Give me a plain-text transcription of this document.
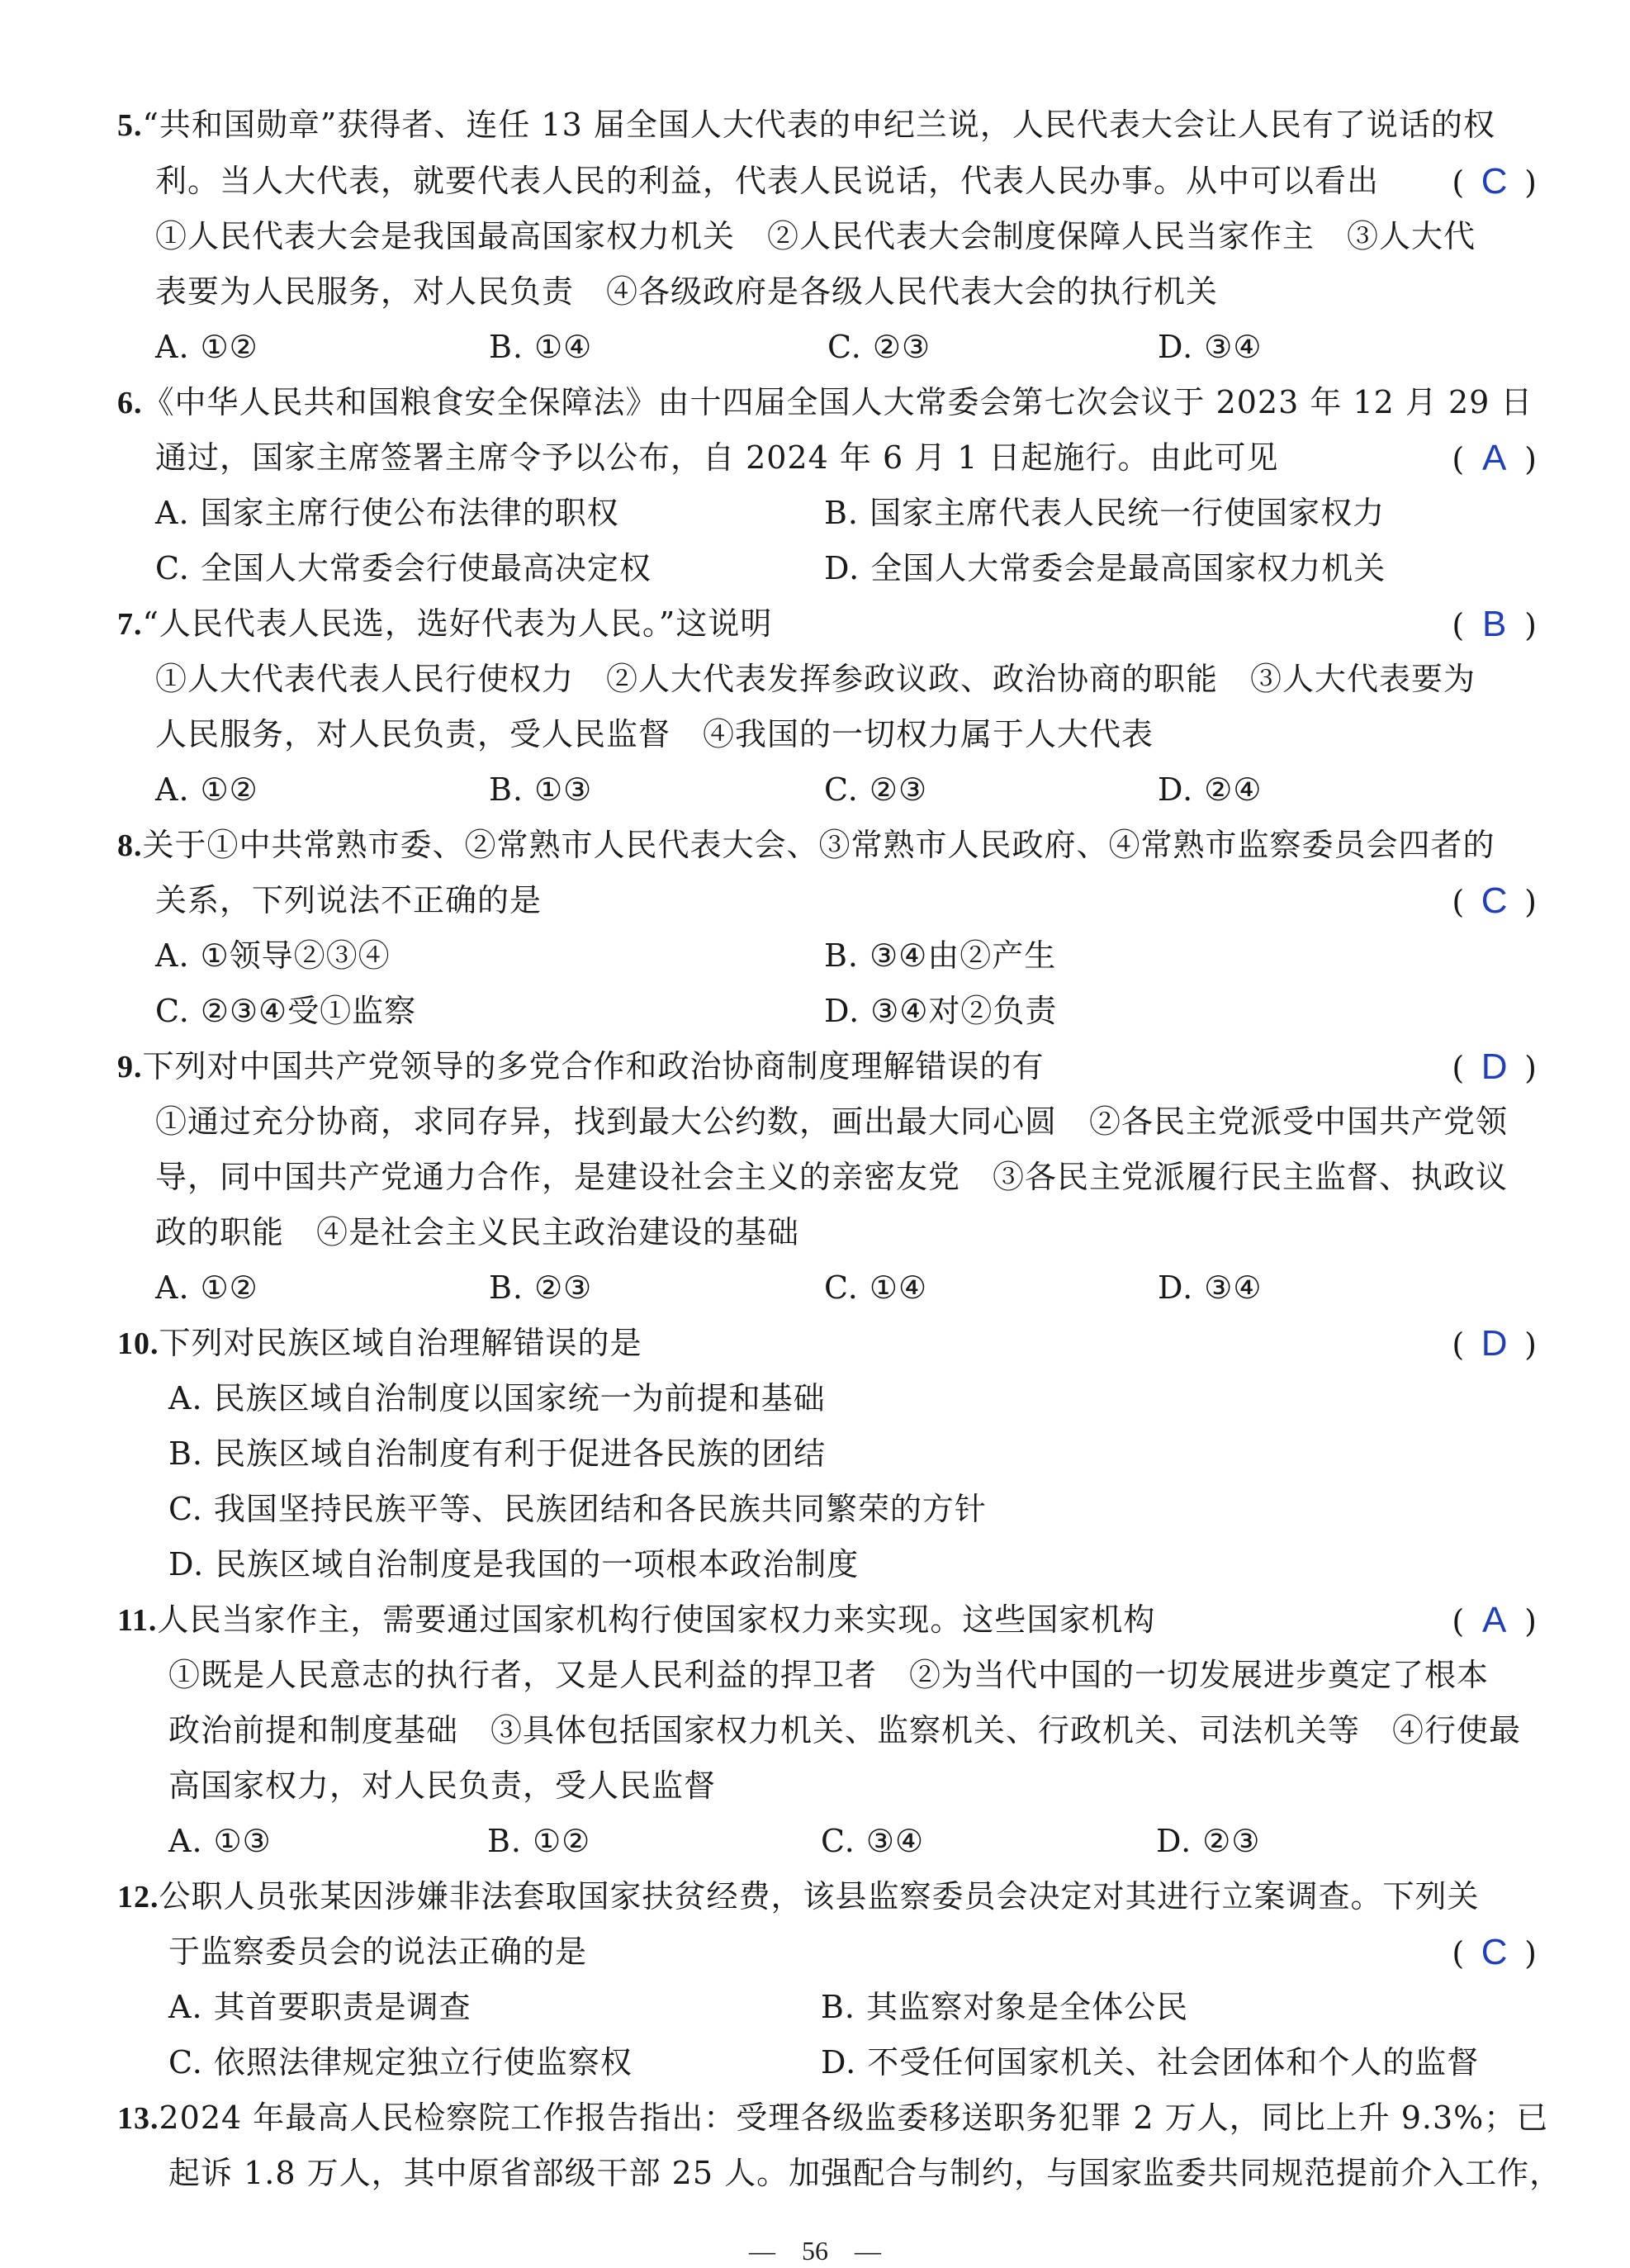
5.“共和国勋章”获得者、连任 13 届全国人大代表的申纪兰说，人民代表大会让人民有了说话的权
利。当人大代表，就要代表人民的利益，代表人民说话，代表人民办事。从中可以看出 ( C )
①人民代表大会是我国最高国家权力机关　②人民代表大会制度保障人民当家作主　③人大代
表要为人民服务，对人民负责　④各级政府是各级人民代表大会的执行机关
A. ①②	B. ①④	C. ②③	D. ③④
6.《中华人民共和国粮食安全保障法》由十四届全国人大常委会第七次会议于 2023 年 12 月 29 日
通过，国家主席签署主席令予以公布，自 2024 年 6 月 1 日起施行。由此可见	( A )
A. 国家主席行使公布法律的职权	B. 国家主席代表人民统一行使国家权力
C. 全国人大常委会行使最高决定权	D. 全国人大常委会是最高国家权力机关
7.“人民代表人民选，选好代表为人民。”这说明	( B )
①人大代表代表人民行使权力　②人大代表发挥参政议政、政治协商的职能　③人大代表要为
人民服务，对人民负责，受人民监督　④我国的一切权力属于人大代表
A. ①②	B. ①③	C. ②③	D. ②④
8.关于①中共常熟市委、②常熟市人民代表大会、③常熟市人民政府、④常熟市监察委员会四者的
关系，下列说法不正确的是	( C )
A. ①领导②③④	B. ③④由②产生
C. ②③④受①监察	D. ③④对②负责
9.下列对中国共产党领导的多党合作和政治协商制度理解错误的有	( D )
①通过充分协商，求同存异，找到最大公约数，画出最大同心圆　②各民主党派受中国共产党领
导，同中国共产党通力合作，是建设社会主义的亲密友党　③各民主党派履行民主监督、执政议
政的职能　④是社会主义民主政治建设的基础
A. ①②	B. ②③	C. ①④	D. ③④
10.下列对民族区域自治理解错误的是	( D )
A. 民族区域自治制度以国家统一为前提和基础
B. 民族区域自治制度有利于促进各民族的团结
C. 我国坚持民族平等、民族团结和各民族共同繁荣的方针
D. 民族区域自治制度是我国的一项根本政治制度
11.人民当家作主，需要通过国家机构行使国家权力来实现。这些国家机构	( A )
①既是人民意志的执行者，又是人民利益的捍卫者　②为当代中国的一切发展进步奠定了根本
政治前提和制度基础　③具体包括国家权力机关、监察机关、行政机关、司法机关等　④行使最
高国家权力，对人民负责，受人民监督
A. ①③	B. ①②	C. ③④	D. ②③
12.公职人员张某因涉嫌非法套取国家扶贫经费，该县监察委员会决定对其进行立案调查。下列关
于监察委员会的说法正确的是	( C )
A. 其首要职责是调查	B. 其监察对象是全体公民
C. 依照法律规定独立行使监察权	D. 不受任何国家机关、社会团体和个人的监督
13.2024 年最高人民检察院工作报告指出：受理各级监委移送职务犯罪 2 万人，同比上升 9.3%；已
起诉 1.8 万人，其中原省部级干部 25 人。加强配合与制约，与国家监委共同规范提前介入工作，
—　56　—
